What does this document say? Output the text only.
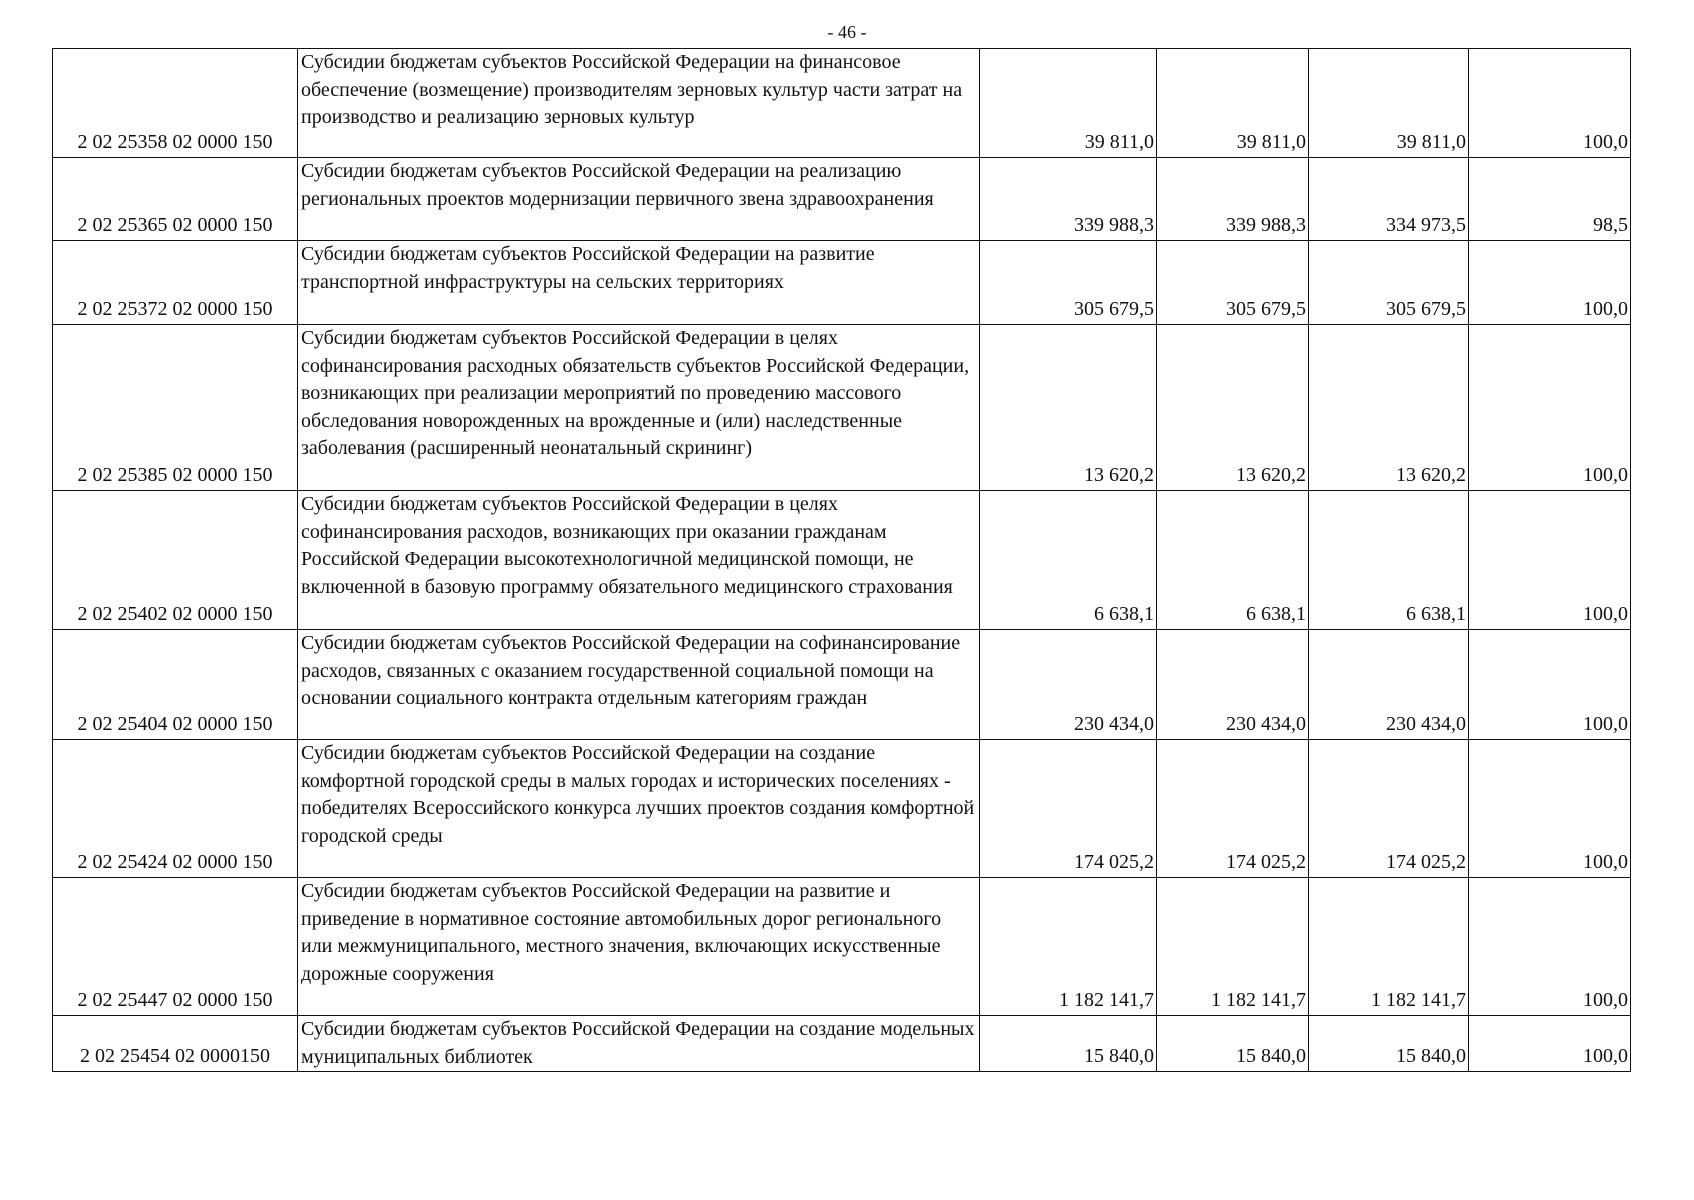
- 46 -
2 02 25358 02 0000 150	Субсидии бюджетам субъектов Российской Федерации на финансовое обеспечение (возмещение) производителям зерновых культур части затрат на производство и реализацию зерновых культур	39 811,0	39 811,0	39 811,0	100,0
2 02 25365 02 0000 150	Субсидии бюджетам субъектов Российской Федерации на реализацию региональных проектов модернизации первичного звена здравоохранения	339 988,3	339 988,3	334 973,5	98,5
2 02 25372 02 0000 150	Субсидии бюджетам субъектов Российской Федерации на развитие транспортной инфраструктуры на сельских территориях	305 679,5	305 679,5	305 679,5	100,0
2 02 25385 02 0000 150	Субсидии бюджетам субъектов Российской Федерации в целях софинансирования расходных обязательств субъектов Российской Федерации, возникающих при реализации мероприятий по проведению массового обследования новорожденных на врожденные и (или) наследственные заболевания (расширенный неонатальный скрининг)	13 620,2	13 620,2	13 620,2	100,0
2 02 25402 02 0000 150	Субсидии бюджетам субъектов Российской Федерации в целях софинансирования расходов, возникающих при оказании гражданам Российской Федерации высокотехнологичной медицинской помощи, не включенной в базовую программу обязательного медицинского страхования	6 638,1	6 638,1	6 638,1	100,0
2 02 25404 02 0000 150	Субсидии бюджетам субъектов Российской Федерации на софинансирование расходов, связанных с оказанием государственной социальной помощи на основании социального контракта отдельным категориям граждан	230 434,0	230 434,0	230 434,0	100,0
2 02 25424 02 0000 150	Субсидии бюджетам субъектов Российской Федерации на создание комфортной городской среды в малых городах и исторических поселениях - победителях Всероссийского конкурса лучших проектов создания комфортной городской среды	174 025,2	174 025,2	174 025,2	100,0
2 02 25447 02 0000 150	Субсидии бюджетам субъектов Российской Федерации на развитие и приведение в нормативное состояние автомобильных дорог регионального или межмуниципального, местного значения, включающих искусственные дорожные сооружения	1 182 141,7	1 182 141,7	1 182 141,7	100,0
2 02 25454 02 0000150	Субсидии бюджетам субъектов Российской Федерации на создание модельных муниципальных библиотек	15 840,0	15 840,0	15 840,0	100,0
